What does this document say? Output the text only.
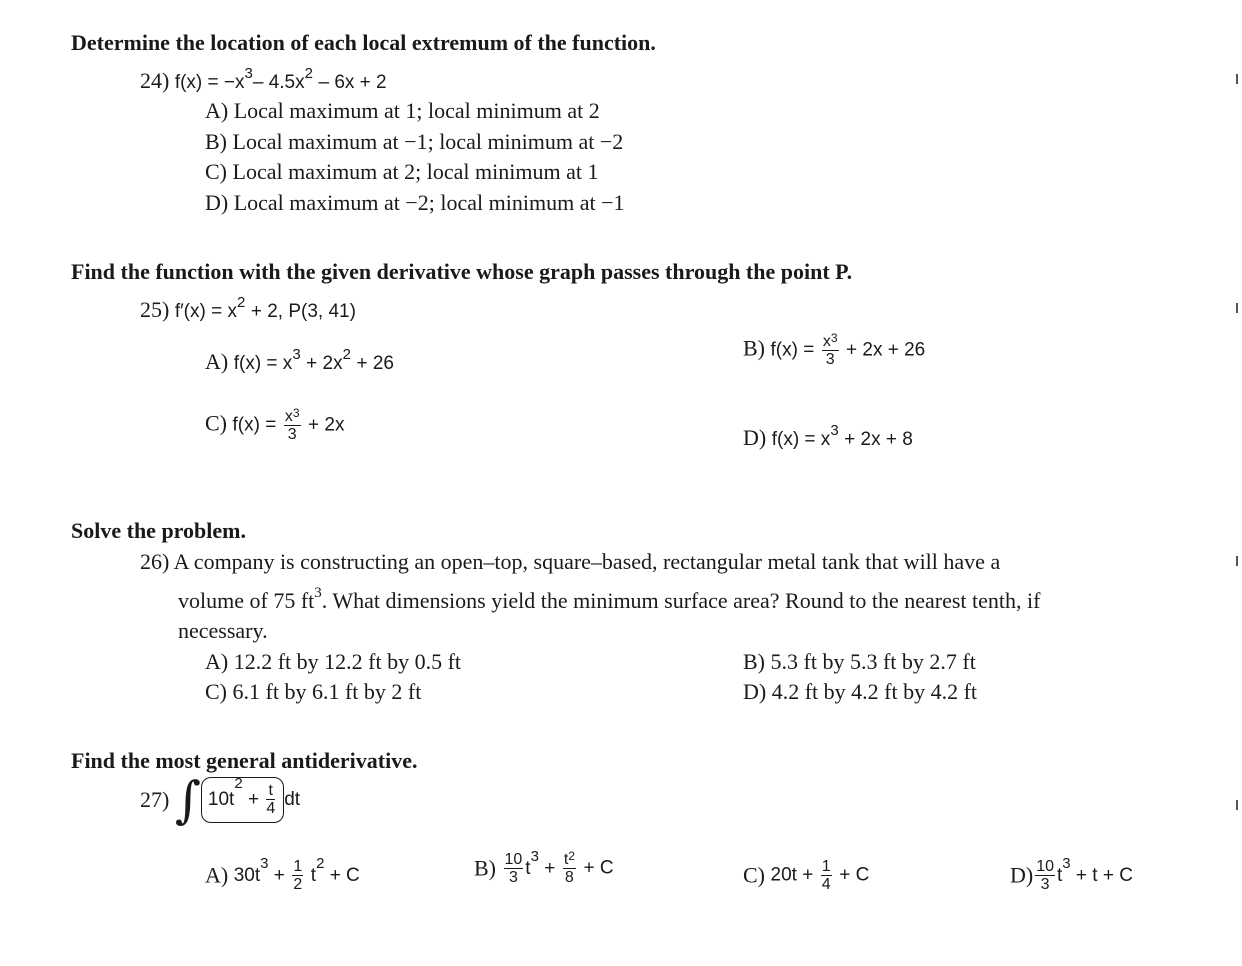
Determine the location of each local extremum of the function.
24) $f(x) = -x^3-$ $4.5x^2 - 6x + 2$
A) Local maximum at 1; local minimum at 2
B) Local maximum at −1; local minimum at −2
C) Local maximum at 2; local minimum at 1
D) Local maximum at −2; local minimum at −1
Find the function with the given derivative whose graph passes through the point P.
25) $f'(x) = x^2 + 2$, P(3, 41)
A) $f(x) = x^3 + 2x^2 + 26$
B) $f(x) = \frac{x^3}{3} + 2x + 26$
C) $f(x) = \frac{x^3}{3} + 2x$	D) $f(x) = x^3 + 2x + 8$
Solve the problem.
26) A company is constructing an open–top, square–based, rectangular metal tank that will have a
volume of 75 $ft^3$. What dimensions yield the minimum surface area? Round to the nearest tenth, if
necessary.
A) 12.2 ft by 12.2 ft by 0.5 ft	B) 5.3 ft by 5.3 ft by 2.7 ft
C) 6.1 ft by 6.1 ft by 2 ft	D) 4.2 ft by 4.2 ft by 4.2 ft
Find the most general antiderivative.
27) ∫ $10t^2 + \frac{t}{4}$ dt
A) $30t^3 + \frac{1}{2} t^2 + C$	$B) \frac{10}{3} t^3 + \frac{t^2}{8} + C$	C) $20t + \frac{1}{4} + C$	$D) \frac{10}{3} t^3 + t + C$
